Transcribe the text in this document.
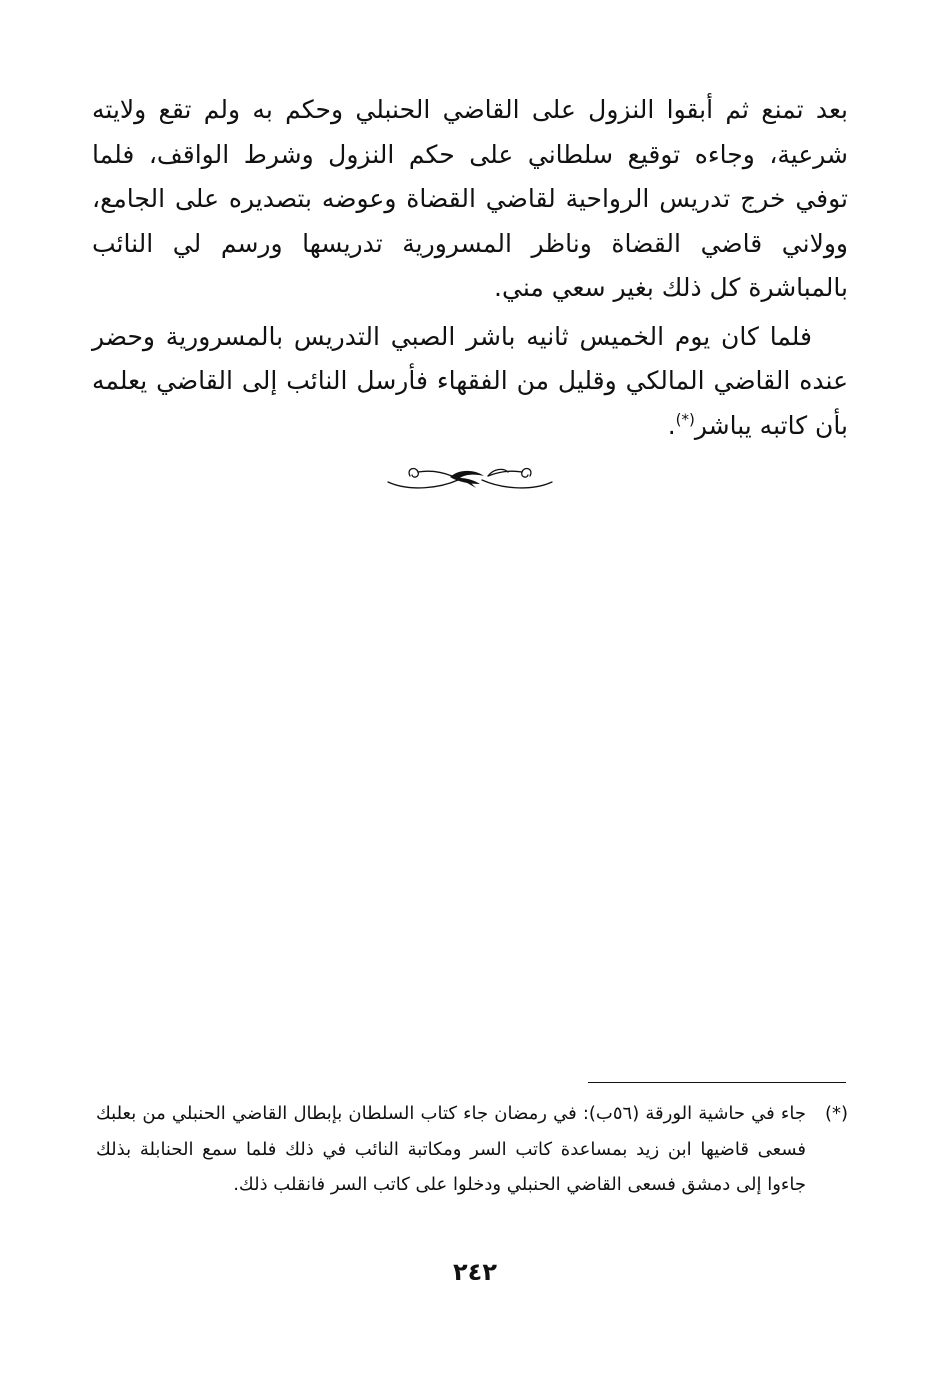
بعد تمنع ثم أبقوا النزول على القاضي الحنبلي وحكم به ولم تقع ولايته شرعية، وجاءه توقيع سلطاني على حكم النزول وشرط الواقف، فلما توفي خرج تدريس الرواحية لقاضي القضاة وعوضه بتصديره على الجامع، وولاني قاضي القضاة وناظر المسرورية تدريسها ورسم لي النائب بالمباشرة كل ذلك بغير سعي مني.

فلما كان يوم الخميس ثانيه باشر الصبي التدريس بالمسرورية وحضر عنده القاضي المالكي وقليل من الفقهاء فأرسل النائب إلى القاضي يعلمه بأن كاتبه يباشر(*).

(*)
جاء في حاشية الورقة (٥٦ب): في رمضان جاء كتاب السلطان بإبطال القاضي الحنبلي من بعلبك فسعى قاضيها ابن زيد بمساعدة كاتب السر ومكاتبة النائب في ذلك فلما سمع الحنابلة بذلك جاءوا إلى دمشق فسعى القاضي الحنبلي ودخلوا على كاتب السر فانقلب ذلك.
٢٤٢
